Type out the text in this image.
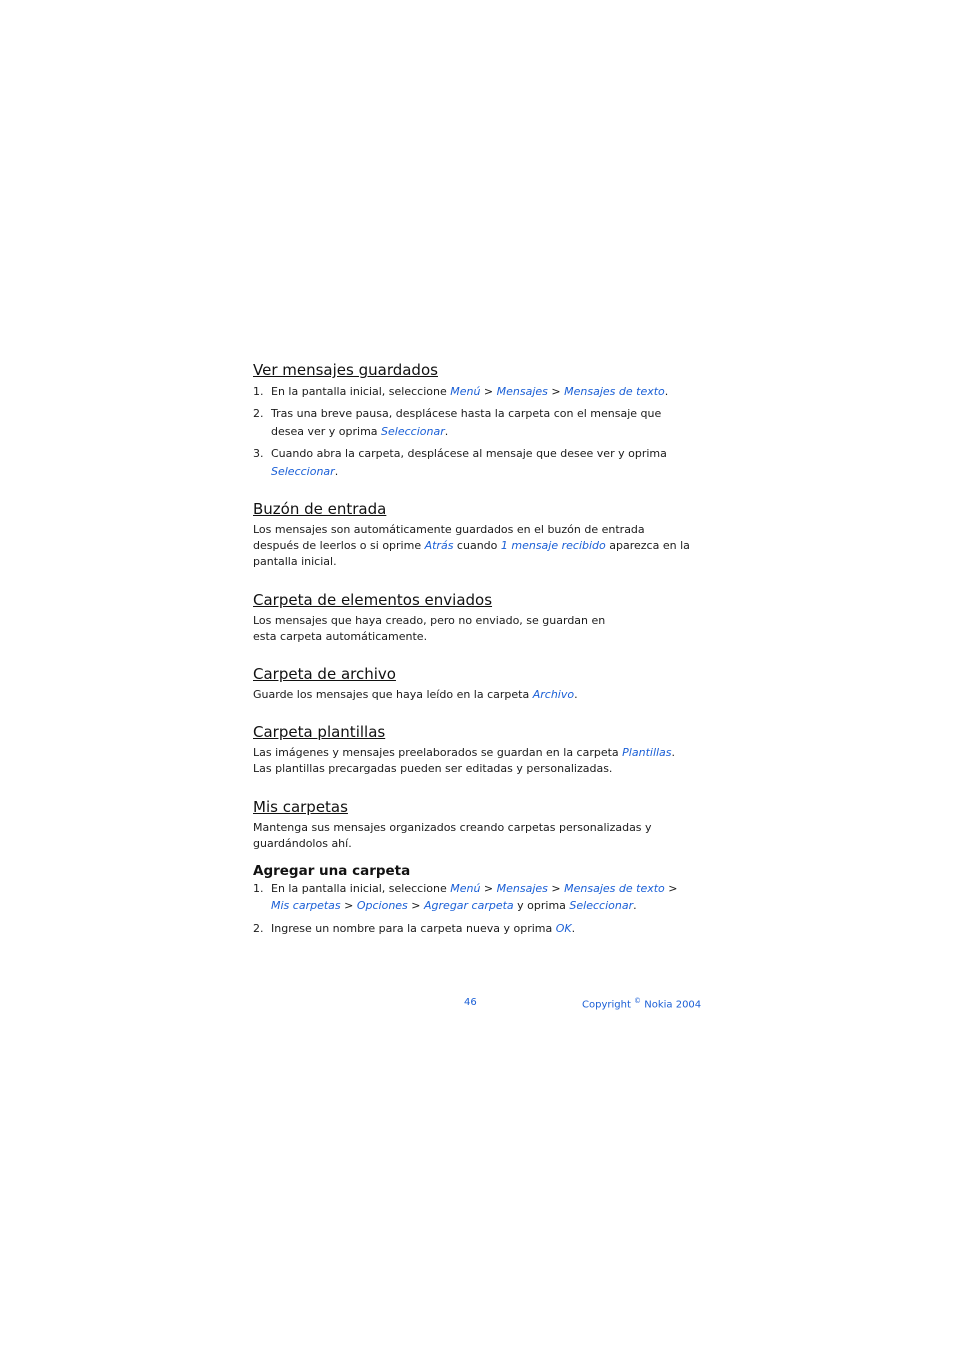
Ver mensajes guardados
1. En la pantalla inicial, seleccione Menú > Mensajes > Mensajes de texto.
2. Tras una breve pausa, desplácese hasta la carpeta con el mensaje que desea ver y oprima Seleccionar.
3. Cuando abra la carpeta, desplácese al mensaje que desee ver y oprima Seleccionar.
Buzón de entrada

Los mensajes son automáticamente guardados en el buzón de entrada después de leerlos o si oprime Atrás cuando 1 mensaje recibido aparezca en la pantalla inicial.

Carpeta de elementos enviados

Los mensajes que haya creado, pero no enviado, se guardan en
esta carpeta automáticamente.

Carpeta de archivo

Guarde los mensajes que haya leído en la carpeta Archivo.

Carpeta plantillas

Las imágenes y mensajes preelaborados se guardan en la carpeta Plantillas.
Las plantillas precargadas pueden ser editadas y personalizadas.

Mis carpetas

Mantenga sus mensajes organizados creando carpetas personalizadas y
guardándolos ahí.

Agregar una carpeta
1. En la pantalla inicial, seleccione Menú > Mensajes > Mensajes de texto > Mis carpetas > Opciones > Agregar carpeta y oprima Seleccionar.
2. Ingrese un nombre para la carpeta nueva y oprima OK.
46	Copyright © Nokia 2004
